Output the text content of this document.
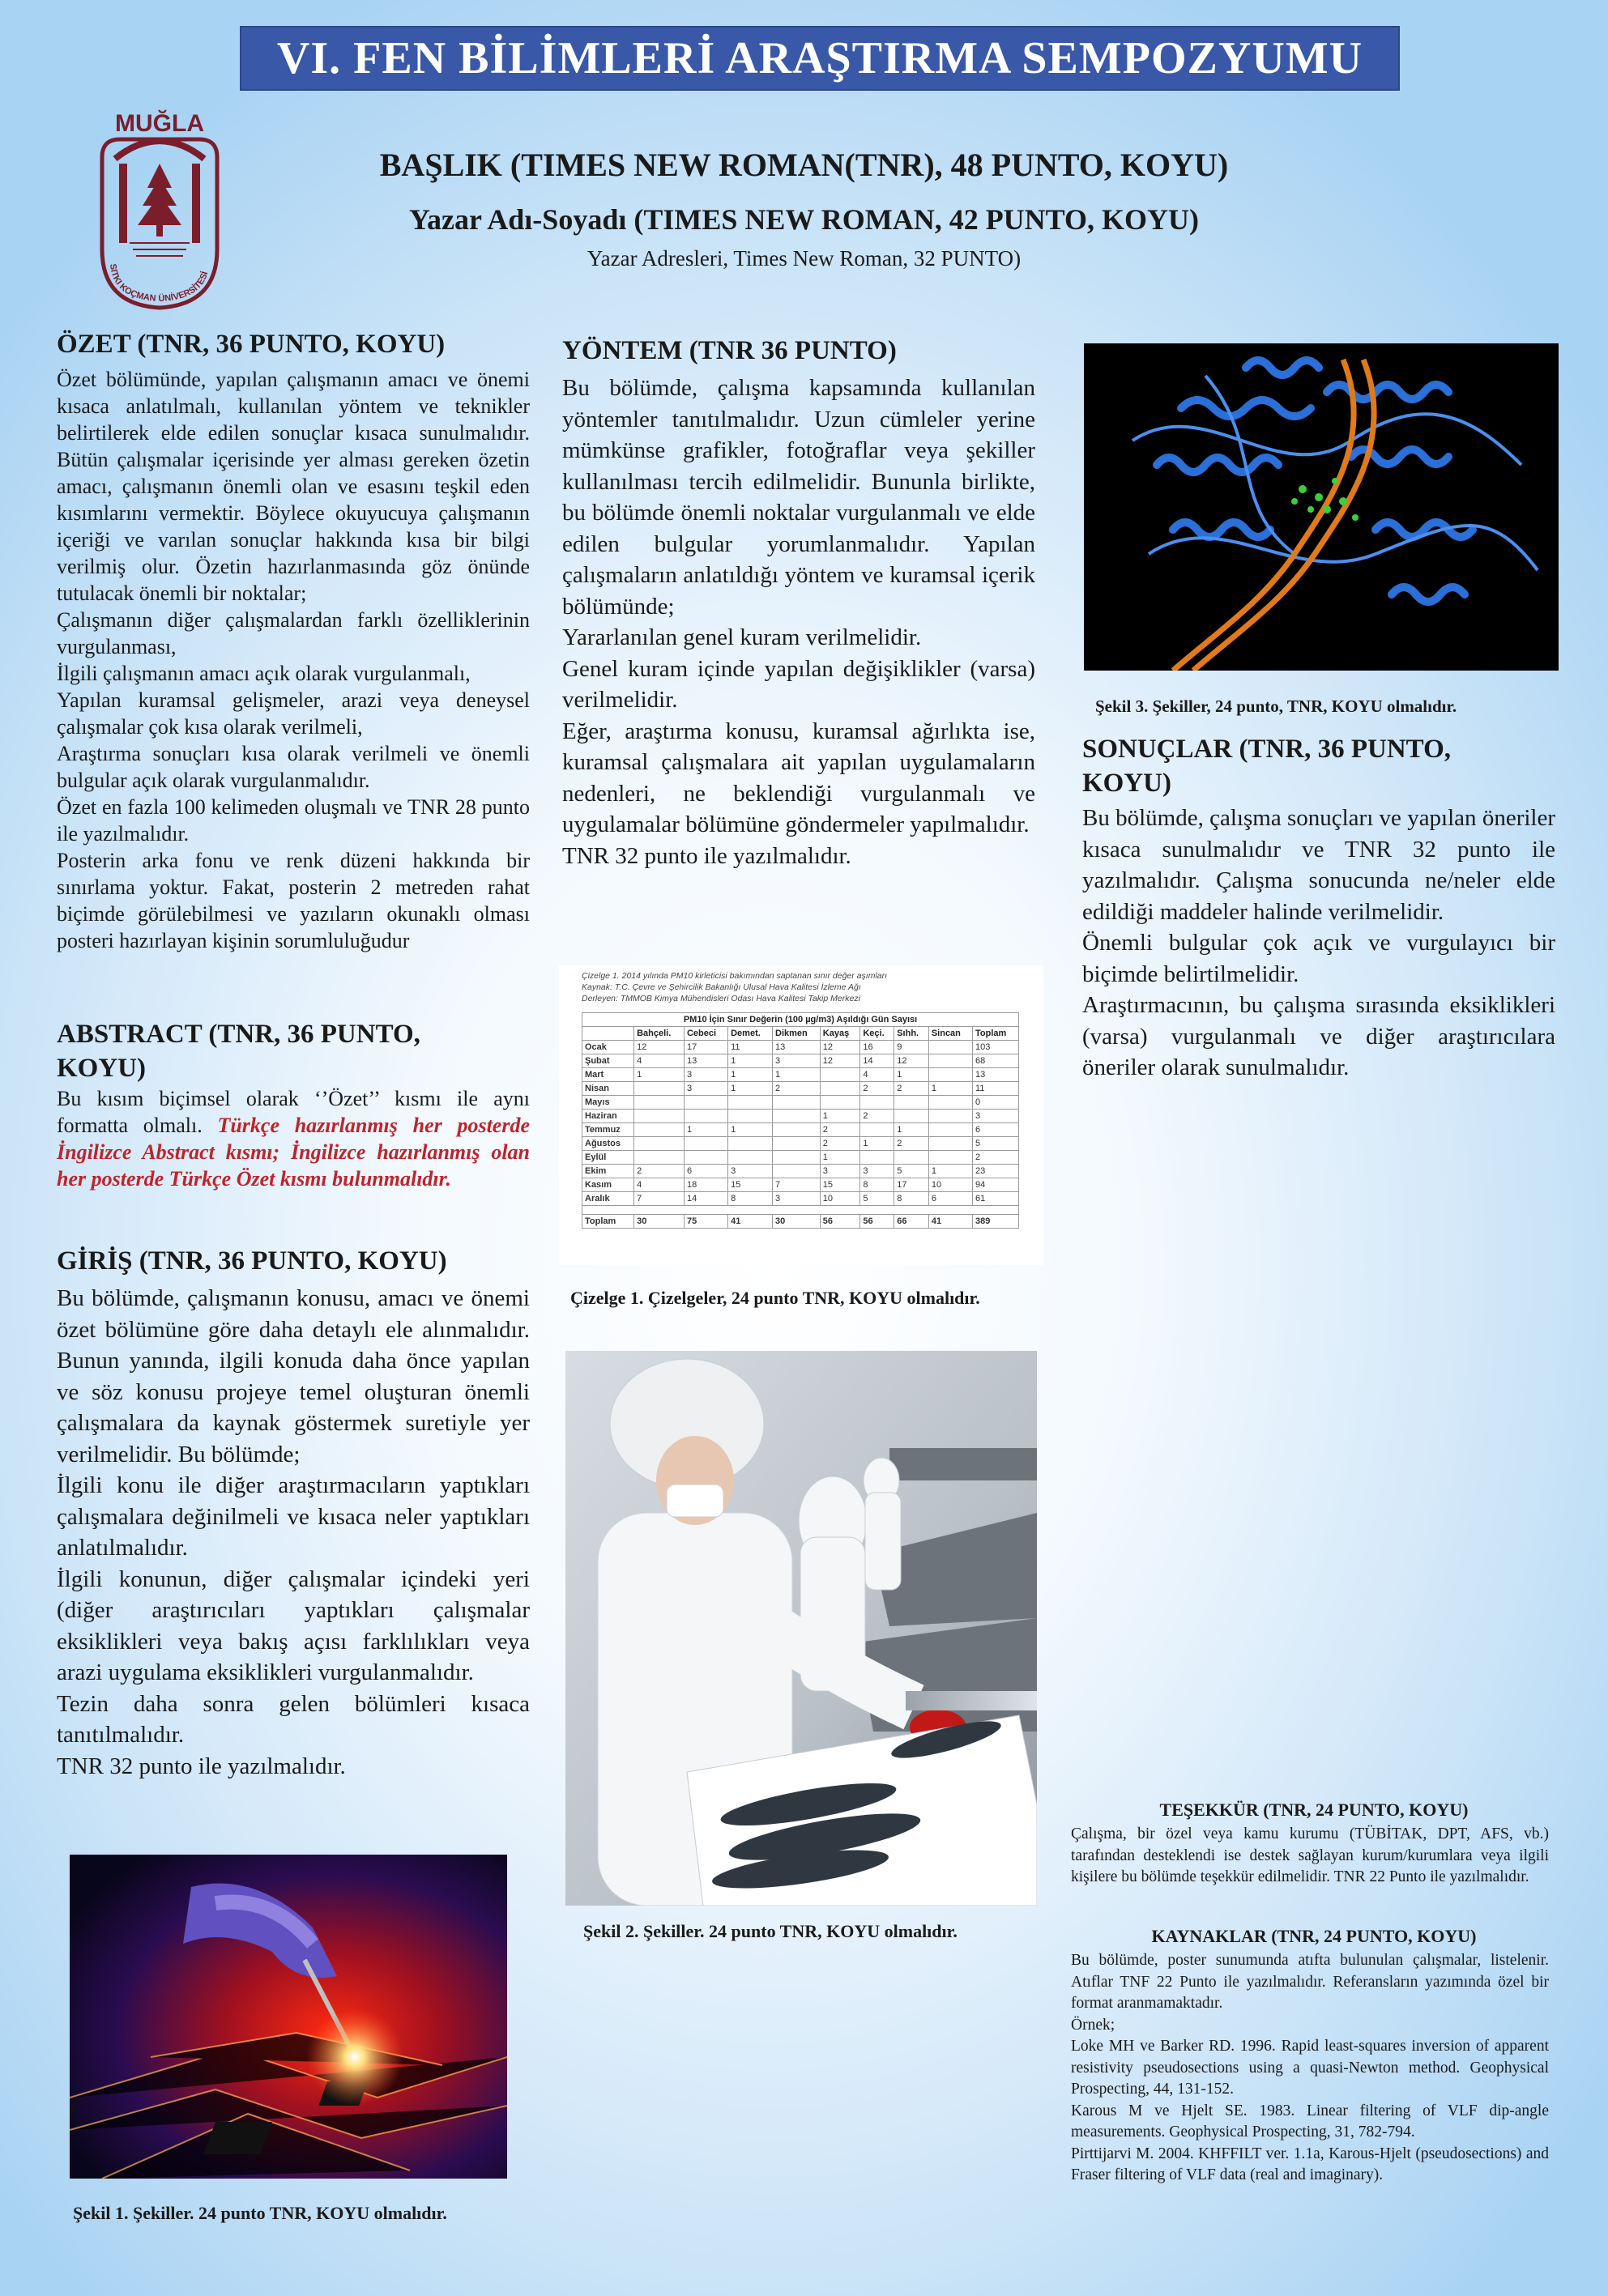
VI. FEN BİLİMLERİ ARAŞTIRMA SEMPOZYUMU
MUĞLA
SITKI KOÇMAN ÜNİVERSİTESİ
BAŞLIK (TIMES NEW ROMAN(TNR), 48 PUNTO, KOYU)
Yazar Adı-Soyadı (TIMES NEW ROMAN, 42 PUNTO, KOYU)
Yazar Adresleri, Times New Roman, 32 PUNTO)
ÖZET (TNR, 36 PUNTO, KOYU)

Özet bölümünde, yapılan çalışmanın amacı ve önemi kısaca anlatılmalı, kullanılan yöntem ve teknikler belirtilerek elde edilen sonuçlar kısaca sunulmalıdır. Bütün çalışmalar içerisinde yer alması gereken özetin amacı, çalışmanın önemli olan ve esasını teşkil eden kısımlarını vermektir. Böylece okuyucuya çalışmanın içeriği ve varılan sonuçlar hakkında kısa bir bilgi verilmiş olur. Özetin hazırlanmasında göz önünde tutulacak önemli bir noktalar;

Çalışmanın diğer çalışmalardan farklı özelliklerinin vurgulanması,

İlgili çalışmanın amacı açık olarak vurgulanmalı,

Yapılan kuramsal gelişmeler, arazi veya deneysel çalışmalar çok kısa olarak verilmeli,

Araştırma sonuçları kısa olarak verilmeli ve önemli bulgular açık olarak vurgulanmalıdır.

Özet en fazla 100 kelimeden oluşmalı ve TNR 28 punto ile yazılmalıdır.

Posterin arka fonu ve renk düzeni hakkında bir sınırlama yoktur. Fakat, posterin 2 metreden rahat biçimde görülebilmesi ve yazıların okunaklı olması posteri hazırlayan kişinin sorumluluğudur

ABSTRACT (TNR, 36 PUNTO, KOYU)

Bu kısım biçimsel olarak ‘’Özet’’ kısmı ile aynı formatta olmalı. Türkçe hazırlanmış her posterde İngilizce Abstract kısmı; İngilizce hazırlanmış olan her posterde Türkçe Özet kısmı bulunmalıdır.

GİRİŞ (TNR, 36 PUNTO, KOYU)

Bu bölümde, çalışmanın konusu, amacı ve önemi özet bölümüne göre daha detaylı ele alınmalıdır. Bunun yanında, ilgili konuda daha önce yapılan ve söz konusu projeye temel oluşturan önemli çalışmalara da kaynak göstermek suretiyle yer verilmelidir. Bu bölümde;

İlgili konu ile diğer araştırmacıların yaptıkları çalışmalara değinilmeli ve kısaca neler yaptıkları anlatılmalıdır.

İlgili konunun, diğer çalışmalar içindeki yeri (diğer araştırıcıları yaptıkları çalışmalar eksiklikleri veya bakış açısı farklılıkları veya arazi uygulama eksiklikleri vurgulanmalıdır.

Tezin daha sonra gelen bölümleri kısaca tanıtılmalıdır.

TNR 32 punto ile yazılmalıdır.

Şekil 1. Şekiller. 24 punto TNR, KOYU olmalıdır.
YÖNTEM (TNR 36 PUNTO)

Bu bölümde, çalışma kapsamında kullanılan yöntemler tanıtılmalıdır. Uzun cümleler yerine mümkünse grafikler, fotoğraflar veya şekiller kullanılması tercih edilmelidir. Bununla birlikte, bu bölümde önemli noktalar vurgulanmalı ve elde edilen bulgular yorumlanmalıdır. Yapılan çalışmaların anlatıldığı yöntem ve kuramsal içerik bölümünde;

Yararlanılan genel kuram verilmelidir.

Genel kuram içinde yapılan değişiklikler (varsa) verilmelidir.

Eğer, araştırma konusu, kuramsal ağırlıkta ise, kuramsal çalışmalara ait yapılan uygulamaların nedenleri, ne beklendiği vurgulanmalı ve uygulamalar bölümüne göndermeler yapılmalıdır.

TNR 32 punto ile yazılmalıdır.

Çizelge 1. 2014 yılında PM10 kirleticisi bakımından saptanan sınır değer aşımları
Kaynak: T.C. Çevre ve Şehircilik Bakanlığı Ulusal Hava Kalitesi İzleme Ağı
Derleyen: TMMOB Kimya Mühendisleri Odası Hava Kalitesi Takip Merkezi
PM10 İçin Sınır Değerin (100 µg/m3) Aşıldığı Gün Sayısı									
	Bahçeli.	Cebeci	Demet.	Dikmen	Kayaş	Keçi.	Sıhh.	Sincan	Toplam
Ocak	12	17	11	13	12	16	9		103
Şubat	4	13	1	3	12	14	12		68
Mart	1	3	1	1		4	1		13
Nisan		3	1	2		2	2	1	11
Mayıs									0
Haziran					1	2			3
Temmuz		1	1		2		1		6
Ağustos					2	1	2		5
Eylül					1				2
Ekim	2	6	3		3	3	5	1	23
Kasım	4	18	15	7	15	8	17	10	94
Aralık	7	14	8	3	10	5	8	6	61

Toplam	30	75	41	30	56	56	66	41	389
Çizelge 1. Çizelgeler, 24 punto TNR, KOYU olmalıdır.
Şekil 2. Şekiller. 24 punto TNR, KOYU olmalıdır.
Şekil 3. Şekiller, 24 punto, TNR, KOYU olmalıdır.
SONUÇLAR (TNR, 36 PUNTO, KOYU)

Bu bölümde, çalışma sonuçları ve yapılan öneriler kısaca sunulmalıdır ve TNR 32 punto ile yazılmalıdır. Çalışma sonucunda ne/neler elde edildiği maddeler halinde verilmelidir.

Önemli bulgular çok açık ve vurgulayıcı bir biçimde belirtilmelidir.

Araştırmacının, bu çalışma sırasında eksiklikleri (varsa) vurgulanmalı ve diğer araştırıcılara öneriler olarak sunulmalıdır.

TEŞEKKÜR (TNR, 24 PUNTO, KOYU)

Çalışma, bir özel veya kamu kurumu (TÜBİTAK, DPT, AFS, vb.) tarafından desteklendi ise destek sağlayan kurum/kurumlara veya ilgili kişilere bu bölümde teşekkür edilmelidir. TNR 22 Punto ile yazılmalıdır.

KAYNAKLAR (TNR, 24 PUNTO, KOYU)

Bu bölümde, poster sunumunda atıfta bulunulan çalışmalar, listelenir. Atıflar TNF 22 Punto ile yazılmalıdır. Referansların yazımında özel bir format aranmamaktadır.

Örnek;

Loke MH ve Barker RD. 1996. Rapid least-squares inversion of apparent resistivity pseudosections using a quasi-Newton method. Geophysical Prospecting, 44, 131-152.

Karous M ve Hjelt SE. 1983. Linear filtering of VLF dip-angle measurements. Geophysical Prospecting, 31, 782-794.

Pirttijarvi M. 2004. KHFFILT ver. 1.1a, Karous-Hjelt (pseudosections) and Fraser filtering of VLF data (real and imaginary).
